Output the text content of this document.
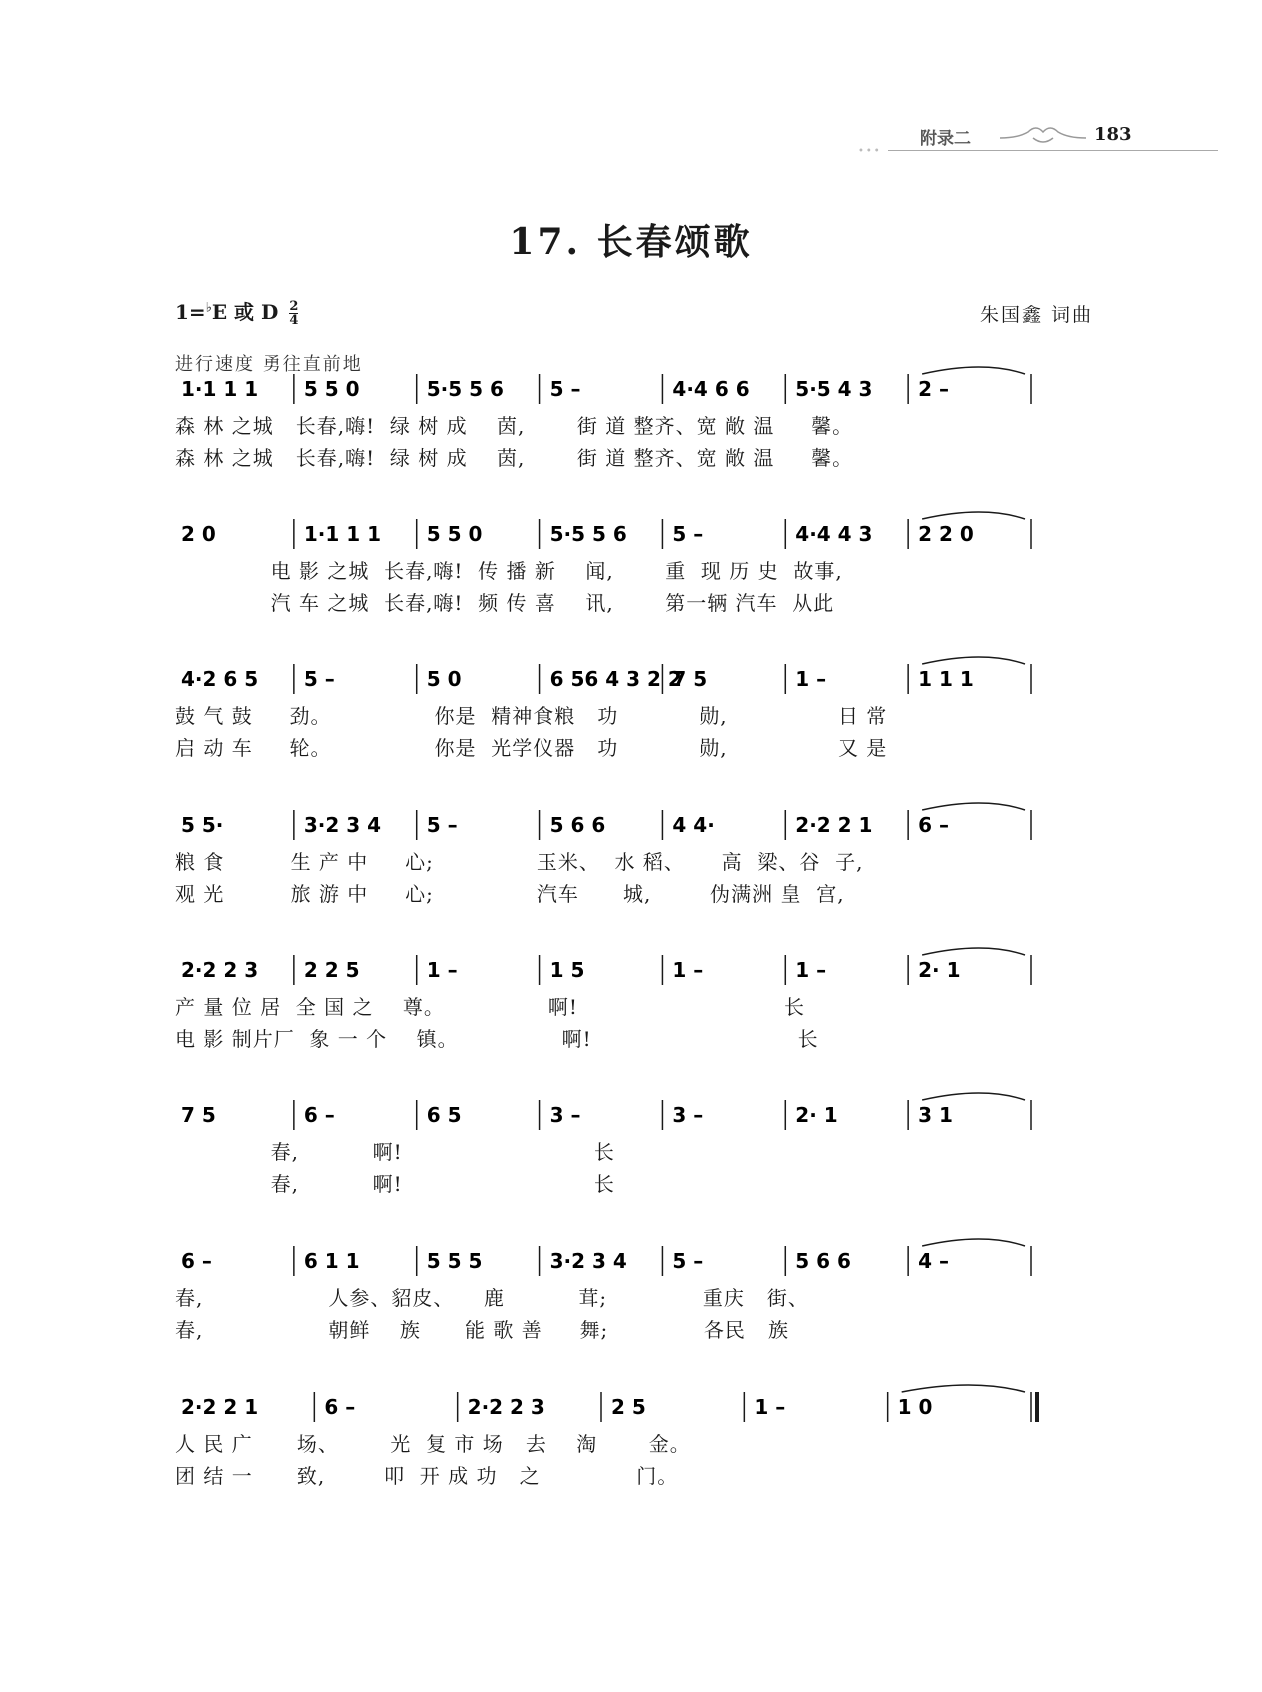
•••
附录二	183
17. 长春颂歌
1=♭E 或 D $\frac{2}{4}$	朱国鑫 词曲
进行速度 勇往直前地
1·1 1 1 5 5 0	5·5 5 6 5 –	4·4 6 6 5·5 4 3 2 –
森 林 之城   长春,嗨!  绿 树 成    茵,       街 道 整齐、宽 敞 温     馨。
森 林 之城   长春,嗨!  绿 树 成    茵,       街 道 整齐、宽 敞 温     馨。
2 0	1·1 1 1 5 5 0	5·5 5 6 5 –	4·4 4 3 2 2 0
电 影 之城  长春,嗨!  传 播 新    闻,       重  现 历 史  故事,
汽 车 之城  长春,嗨!  频 传 喜    讯,       第一辆 汽车  从此
4·2 6 5 5 –	5 0	6 56 4 3 2 2
7 5	1 –	1 1 1
鼓 气 鼓     劲。              你是  精神食粮   功           勋,               日 常
启 动 车     轮。              你是  光学仪器   功           勋,               又 是
5 5·	3·2 3 4 5 –	5 6 6	4 4·	2·2 2 1 6 –
粮 食         生 产 中     心;              玉米、  水 稻、     高  梁、谷  子,
观 光         旅 游 中     心;              汽车      城,        伪满洲 皇  宫,
2·2 2 3 2 2 5	1 –	1 5	1 –	1 –	2· 1
产 量 位 居  全 国 之    尊。              啊!                            长
电 影 制片厂  象 一 个    镇。              啊!                            长
7 5	6 –	6 5	3 –	3 –	2· 1	3 1
春,          啊!                          长
春,          啊!                          长
6 –	6 1 1	5 5 5	3·2 3 4 5 –	5 6 6	4 –
春,                 人参、貂皮、    鹿          茸;             重庆   街、
春,                 朝鲜    族      能 歌 善     舞;             各民   族
2·2 2 1	6 –	2·2 2 3	2 5	1 –	1 0
人 民 广      场、       光  复 市 场   去    淘       金。
团 结 一      致,        叩  开 成 功   之             门。
